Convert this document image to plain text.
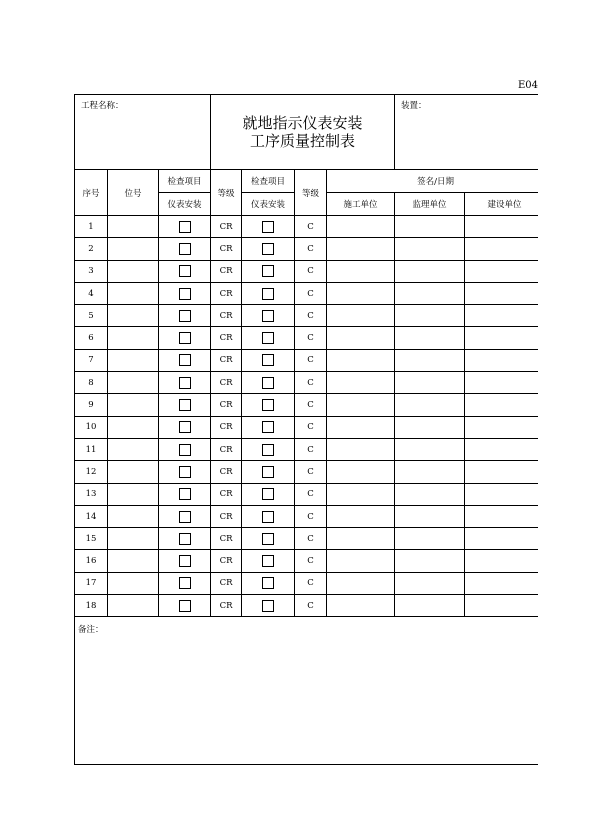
E04
工程名称：			就地指示仪表安装
工序质量控制表				装置：	
序号	位号	检查项目	等级	检查项目	等级	签名/日期		
		仪表安装		仪表安装		施工单位	监理单位	建设单位
1			CR		C			
2			CR		C			
3			CR		C			
4			CR		C			
5			CR		C			
6			CR		C			
7			CR		C			
8			CR		C			
9			CR		C			
10			CR		C			
11			CR		C			
12			CR		C			
13			CR		C			
14			CR		C			
15			CR		C			
16			CR		C			
17			CR		C			
18			CR		C			
备注：								
